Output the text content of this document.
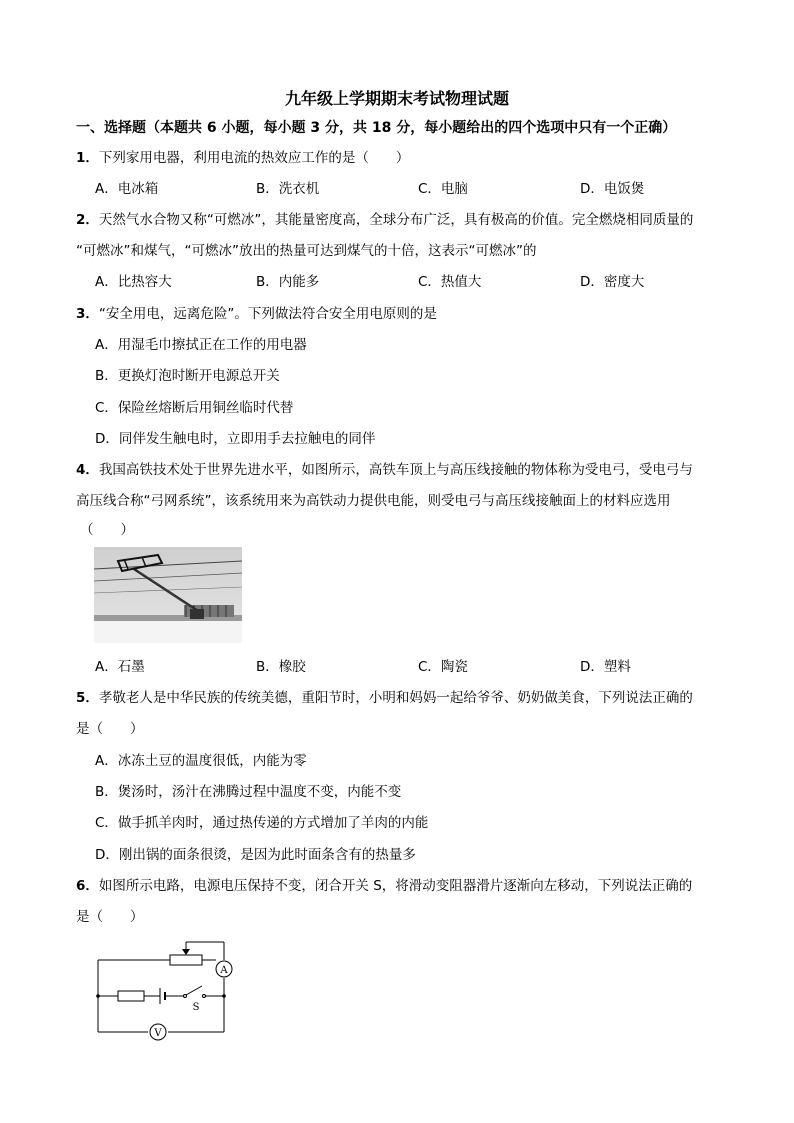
九年级上学期期末考试物理试题
一、选择题（本题共 6 小题，每小题 3 分，共 18 分，每小题给出的四个选项中只有一个正确）
1．下列家用电器，利用电流的热效应工作的是（　　）
A．电冰箱	B．洗衣机	C．电脑	D．电饭煲
2．天然气水合物又称“可燃冰”，其能量密度高，全球分布广泛，具有极高的价值。完全燃烧相同质量的
“可燃冰”和煤气，“可燃冰”放出的热量可达到煤气的十倍，这表示“可燃冰”的
A．比热容大	B．内能多	C．热值大	D．密度大
3．“安全用电，远离危险”。下列做法符合安全用电原则的是
A．用湿毛巾擦拭正在工作的用电器
B．更换灯泡时断开电源总开关
C．保险丝熔断后用铜丝临时代替
D．同伴发生触电时，立即用手去拉触电的同伴
4．我国高铁技术处于世界先进水平，如图所示，高铁车顶上与高压线接触的物体称为受电弓，受电弓与
高压线合称“弓网系统”，该系统用来为高铁动力提供电能，则受电弓与高压线接触面上的材料应选用
（　　）
A．石墨	B．橡胶	C．陶瓷	D．塑料
5．孝敬老人是中华民族的传统美德，重阳节时，小明和妈妈一起给爷爷、奶奶做美食，下列说法正确的
是（　　）
A．冰冻土豆的温度很低，内能为零
B．煲汤时，汤汁在沸腾过程中温度不变，内能不变
C．做手抓羊肉时，通过热传递的方式增加了羊肉的内能
D．刚出锅的面条很烫，是因为此时面条含有的热量多
6．如图所示电路，电源电压保持不变，闭合开关 S，将滑动变阻器滑片逐渐向左移动，下列说法正确的
是（　　）
A
S
V
